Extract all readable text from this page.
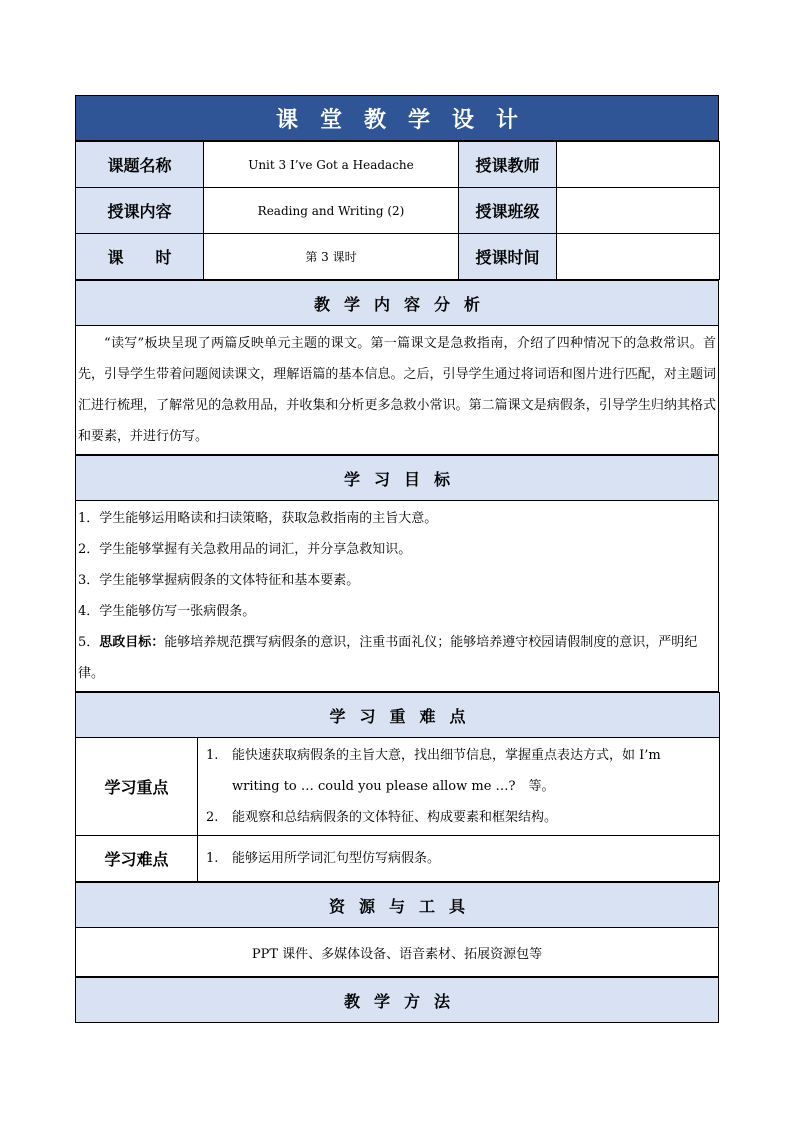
课堂教学设计
课题名称	Unit 3 I’ve Got a Headache	授课教师	
授课内容	Reading and Writing (2)	授课班级	
课　　时	第 3 课时	授课时间	
教学内容分析

“读写”板块呈现了两篇反映单元主题的课文。第一篇课文是急救指南，介绍了四种情况下的急救常识。首先，引导学生带着问题阅读课文，理解语篇的基本信息。之后，引导学生通过将词语和图片进行匹配，对主题词汇进行梳理，了解常见的急救用品，并收集和分析更多急救小常识。第二篇课文是病假条，引导学生归纳其格式和要素，并进行仿写。
学习目标

1．学生能够运用略读和扫读策略，获取急救指南的主旨大意。
2．学生能够掌握有关急救用品的词汇，并分享急救知识。
3．学生能够掌握病假条的文体特征和基本要素。
4．学生能够仿写一张病假条。
5．思政目标：能够培养规范撰写病假条的意识，注重书面礼仪；能够培养遵守校园请假制度的意识，严明纪律。
学习重难点	
学习重点	1. 能快速获取病假条的主旨大意，找出细节信息，掌握重点表达方式，如 I’m writing to … could you please allow me …?　等。
2. 能观察和总结病假条的文体特征、构成要素和框架结构。

学习难点	1. 能够运用所学词汇句型仿写病假条。
资源与工具
PPT 课件、多媒体设备、语音素材、拓展资源包等
教学方法
